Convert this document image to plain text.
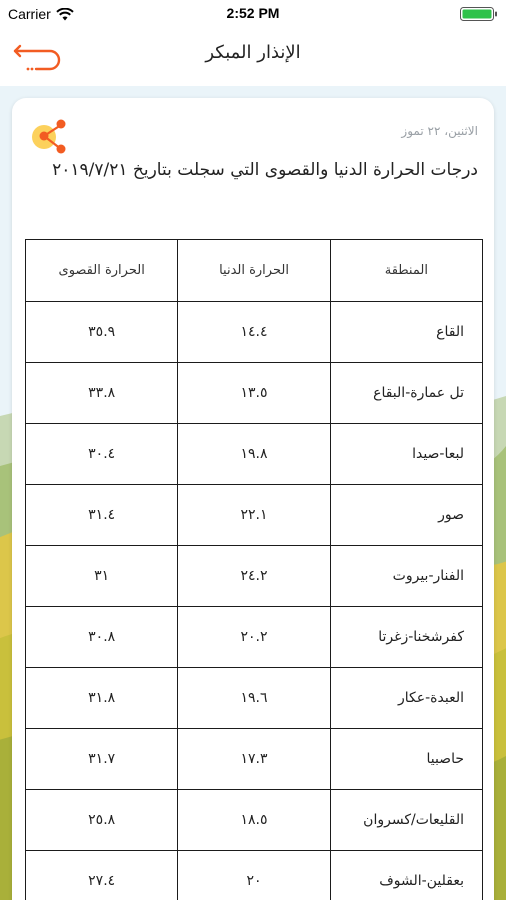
Carrier	2:52 PM
الإنذار المبكر
الاثنين، ٢٢ تموز
درجات الحرارة الدنيا والقصوى التي سجلت بتاريخ ٢٠١٩/٧/٢١
المنطقة	الحرارة الدنيا	الحرارة القصوى
القاع	١٤.٤	٣٥.٩
تل عمارة-البقاع	١٣.٥	٣٣.٨
لبعا-صيدا	١٩.٨	٣٠.٤
صور	٢٢.١	٣١.٤
الفنار-بيروت	٢٤.٢	٣١
كفرشخنا-زغرتا	٢٠.٢	٣٠.٨
العبدة-عكار	١٩.٦	٣١.٨
حاصبيا	١٧.٣	٣١.٧
القليعات/كسروان	١٨.٥	٢٥.٨
بعقلين-الشوف	٢٠	٢٧.٤
